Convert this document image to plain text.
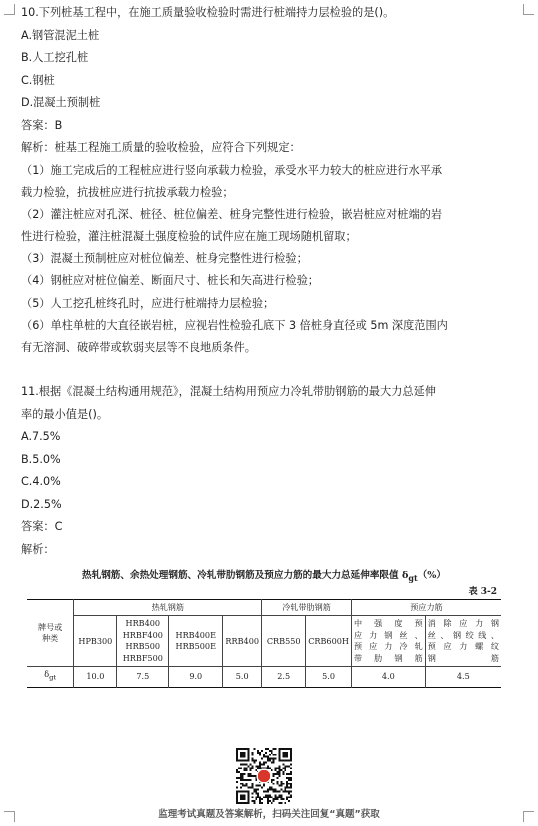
10.下列桩基工程中，在施工质量验收检验时需进行桩端持力层检验的是()。
A.钢管混泥土桩
B.人工挖孔桩
C.钢桩
D.混凝土预制桩
答案：B
解析：桩基工程施工质量的验收检验，应符合下列规定：
（1）施工完成后的工程桩应进行竖向承载力检验，承受水平力较大的桩应进行水平承
载力检验，抗拔桩应进行抗拔承载力检验；
（2）灌注桩应对孔深、桩径、桩位偏差、桩身完整性进行检验，嵌岩桩应对桩端的岩
性进行检验，灌注桩混凝土强度检验的试件应在施工现场随机留取；
（3）混凝土预制桩应对桩位偏差、桩身完整性进行检验；
（4）钢桩应对桩位偏差、断面尺寸、桩长和矢高进行检验；
（5）人工挖孔桩终孔时，应进行桩端持力层检验；
（6）单柱单桩的大直径嵌岩桩，应视岩性检验孔底下 3 倍桩身直径或 5m 深度范围内
有无溶洞、破碎带或软弱夹层等不良地质条件。
11.根据《混凝土结构通用规范》，混凝土结构用预应力冷轧带肋钢筋的最大力总延伸
率的最小值是()。
A.7.5%
B.5.0%
C.4.0%
D.2.5%
答案：C
解析：
热轧钢筋、余热处理钢筋、冷轧带肋钢筋及预应力筋的最大力总延伸率限值 $\delta_{gt}(\%)$
表 3-2
牌号或
种类	热轧钢筋				冷轧带肋钢筋		预应力筋	
	HPB300	HRB400
HRBF400
HRB500
HRBF500	HRB400E
HRB500E	RRB400	CRB550	CRB600H	中强度预
应力钢丝、
预应力冷轧
带肋钢筋	消除应力钢
丝、钢绞线、
预应力螺纹
钢筋
$\delta_{gt}$	10.0	7.5	9.0	5.0	2.5	5.0	4.0	4.5
监理考试真题及答案解析，扫码关注回复“真题”获取
